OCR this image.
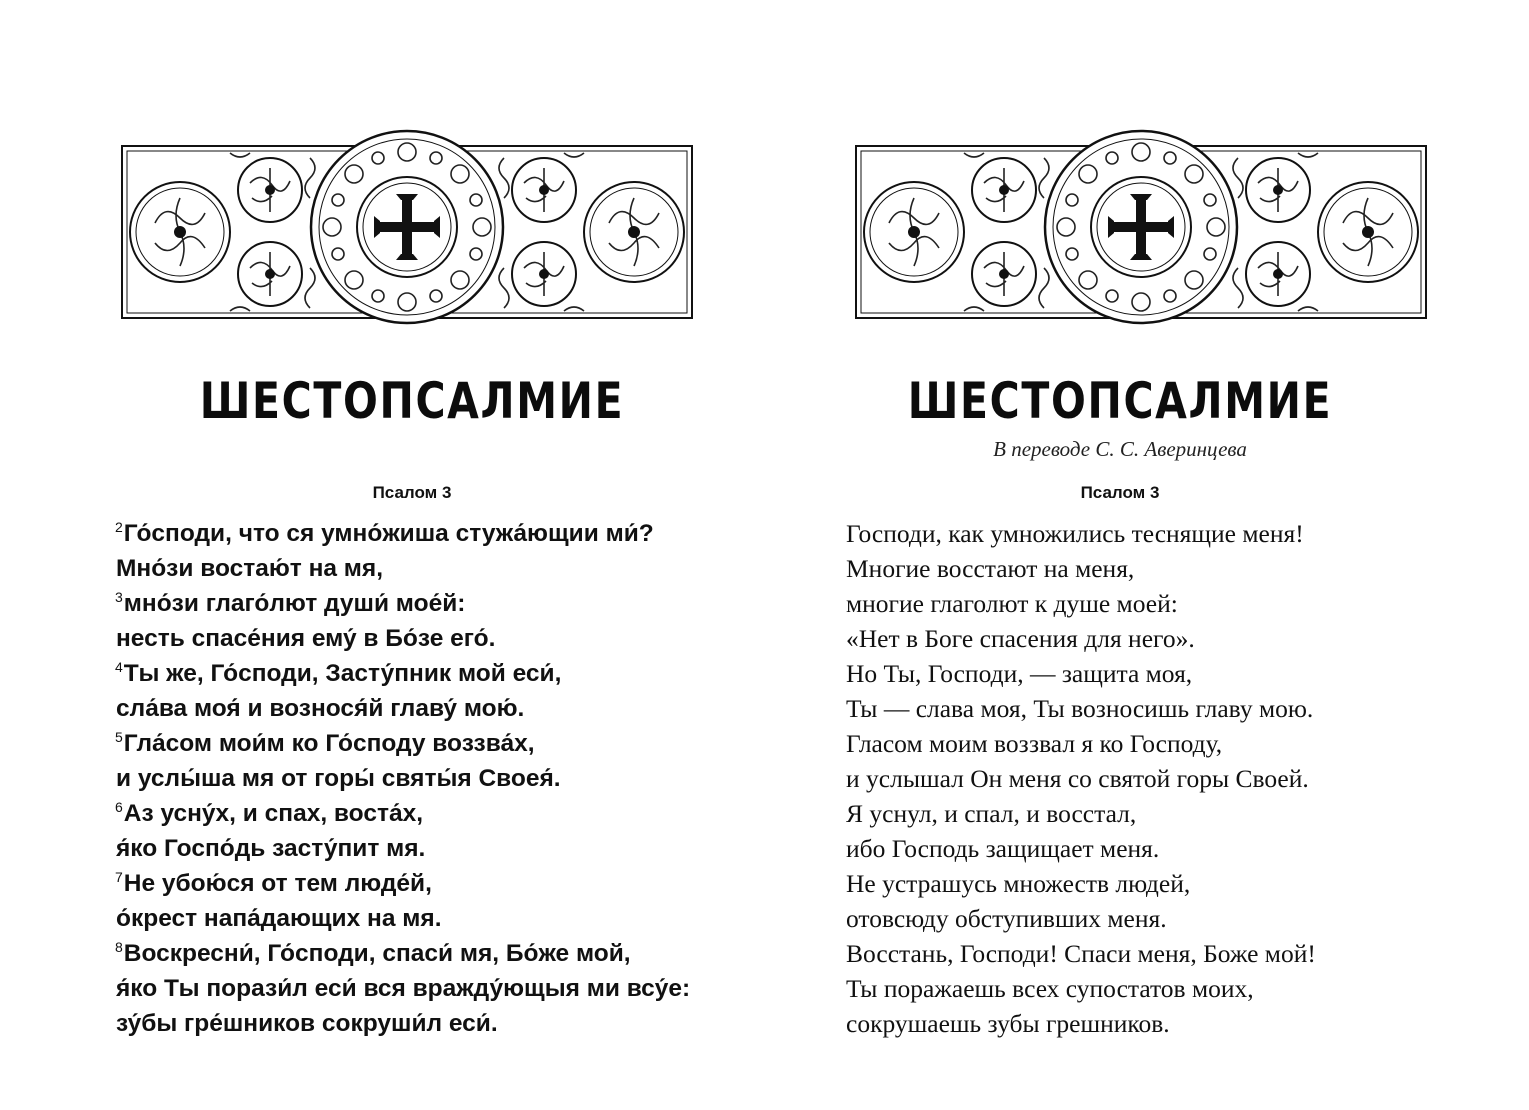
ШЕСТОПСАЛМИЕ
Псалом 3
$^2$Го́споди, что ся умно́жиша стужа́ющии ми́?
Мно́зи востаю́т на мя,
$^3$мно́зи глаго́лют души́ мое́й:
несть спасе́ния ему́ в Бо́зе его́.
$^4$Ты же, Го́споди, Засту́пник мой еси́,
сла́ва моя́ и вознося́й главу́ мою́.
$^5$Гла́сом мои́м ко Го́споду воззва́х,
и услы́ша мя от горы́ святы́я Своея́.
$^6$Аз усну́х, и спах, воста́х,
я́ко Госпо́дь засту́пит мя.
$^7$Не убою́ся от тем люде́й,
о́крест напа́дающих на мя.
$^8$Воскресни́, Го́споди, спаси́ мя, Бо́же мой,
я́ко Ты порази́л еси́ вся вражду́ющыя ми всу́е:
зу́бы гре́шников сокруши́л еси́.
ШЕСТОПСАЛМИЕ
В переводе С. С. Аверинцева
Псалом 3
Господи, как умножились теснящие меня!
Многие восстают на меня,
многие глаголют к душе моей:
«Нет в Боге спасения для него».
Но Ты, Господи, — защита моя,
Ты — слава моя, Ты возносишь главу мою.
Гласом моим воззвал я ко Господу,
и услышал Он меня со святой горы Своей.
Я уснул, и спал, и восстал,
ибо Господь защищает меня.
Не устрашусь множеств людей,
отовсюду обступивших меня.
Восстань, Господи! Спаси меня, Боже мой!
Ты поражаешь всех супостатов моих,
сокрушаешь зубы грешников.
